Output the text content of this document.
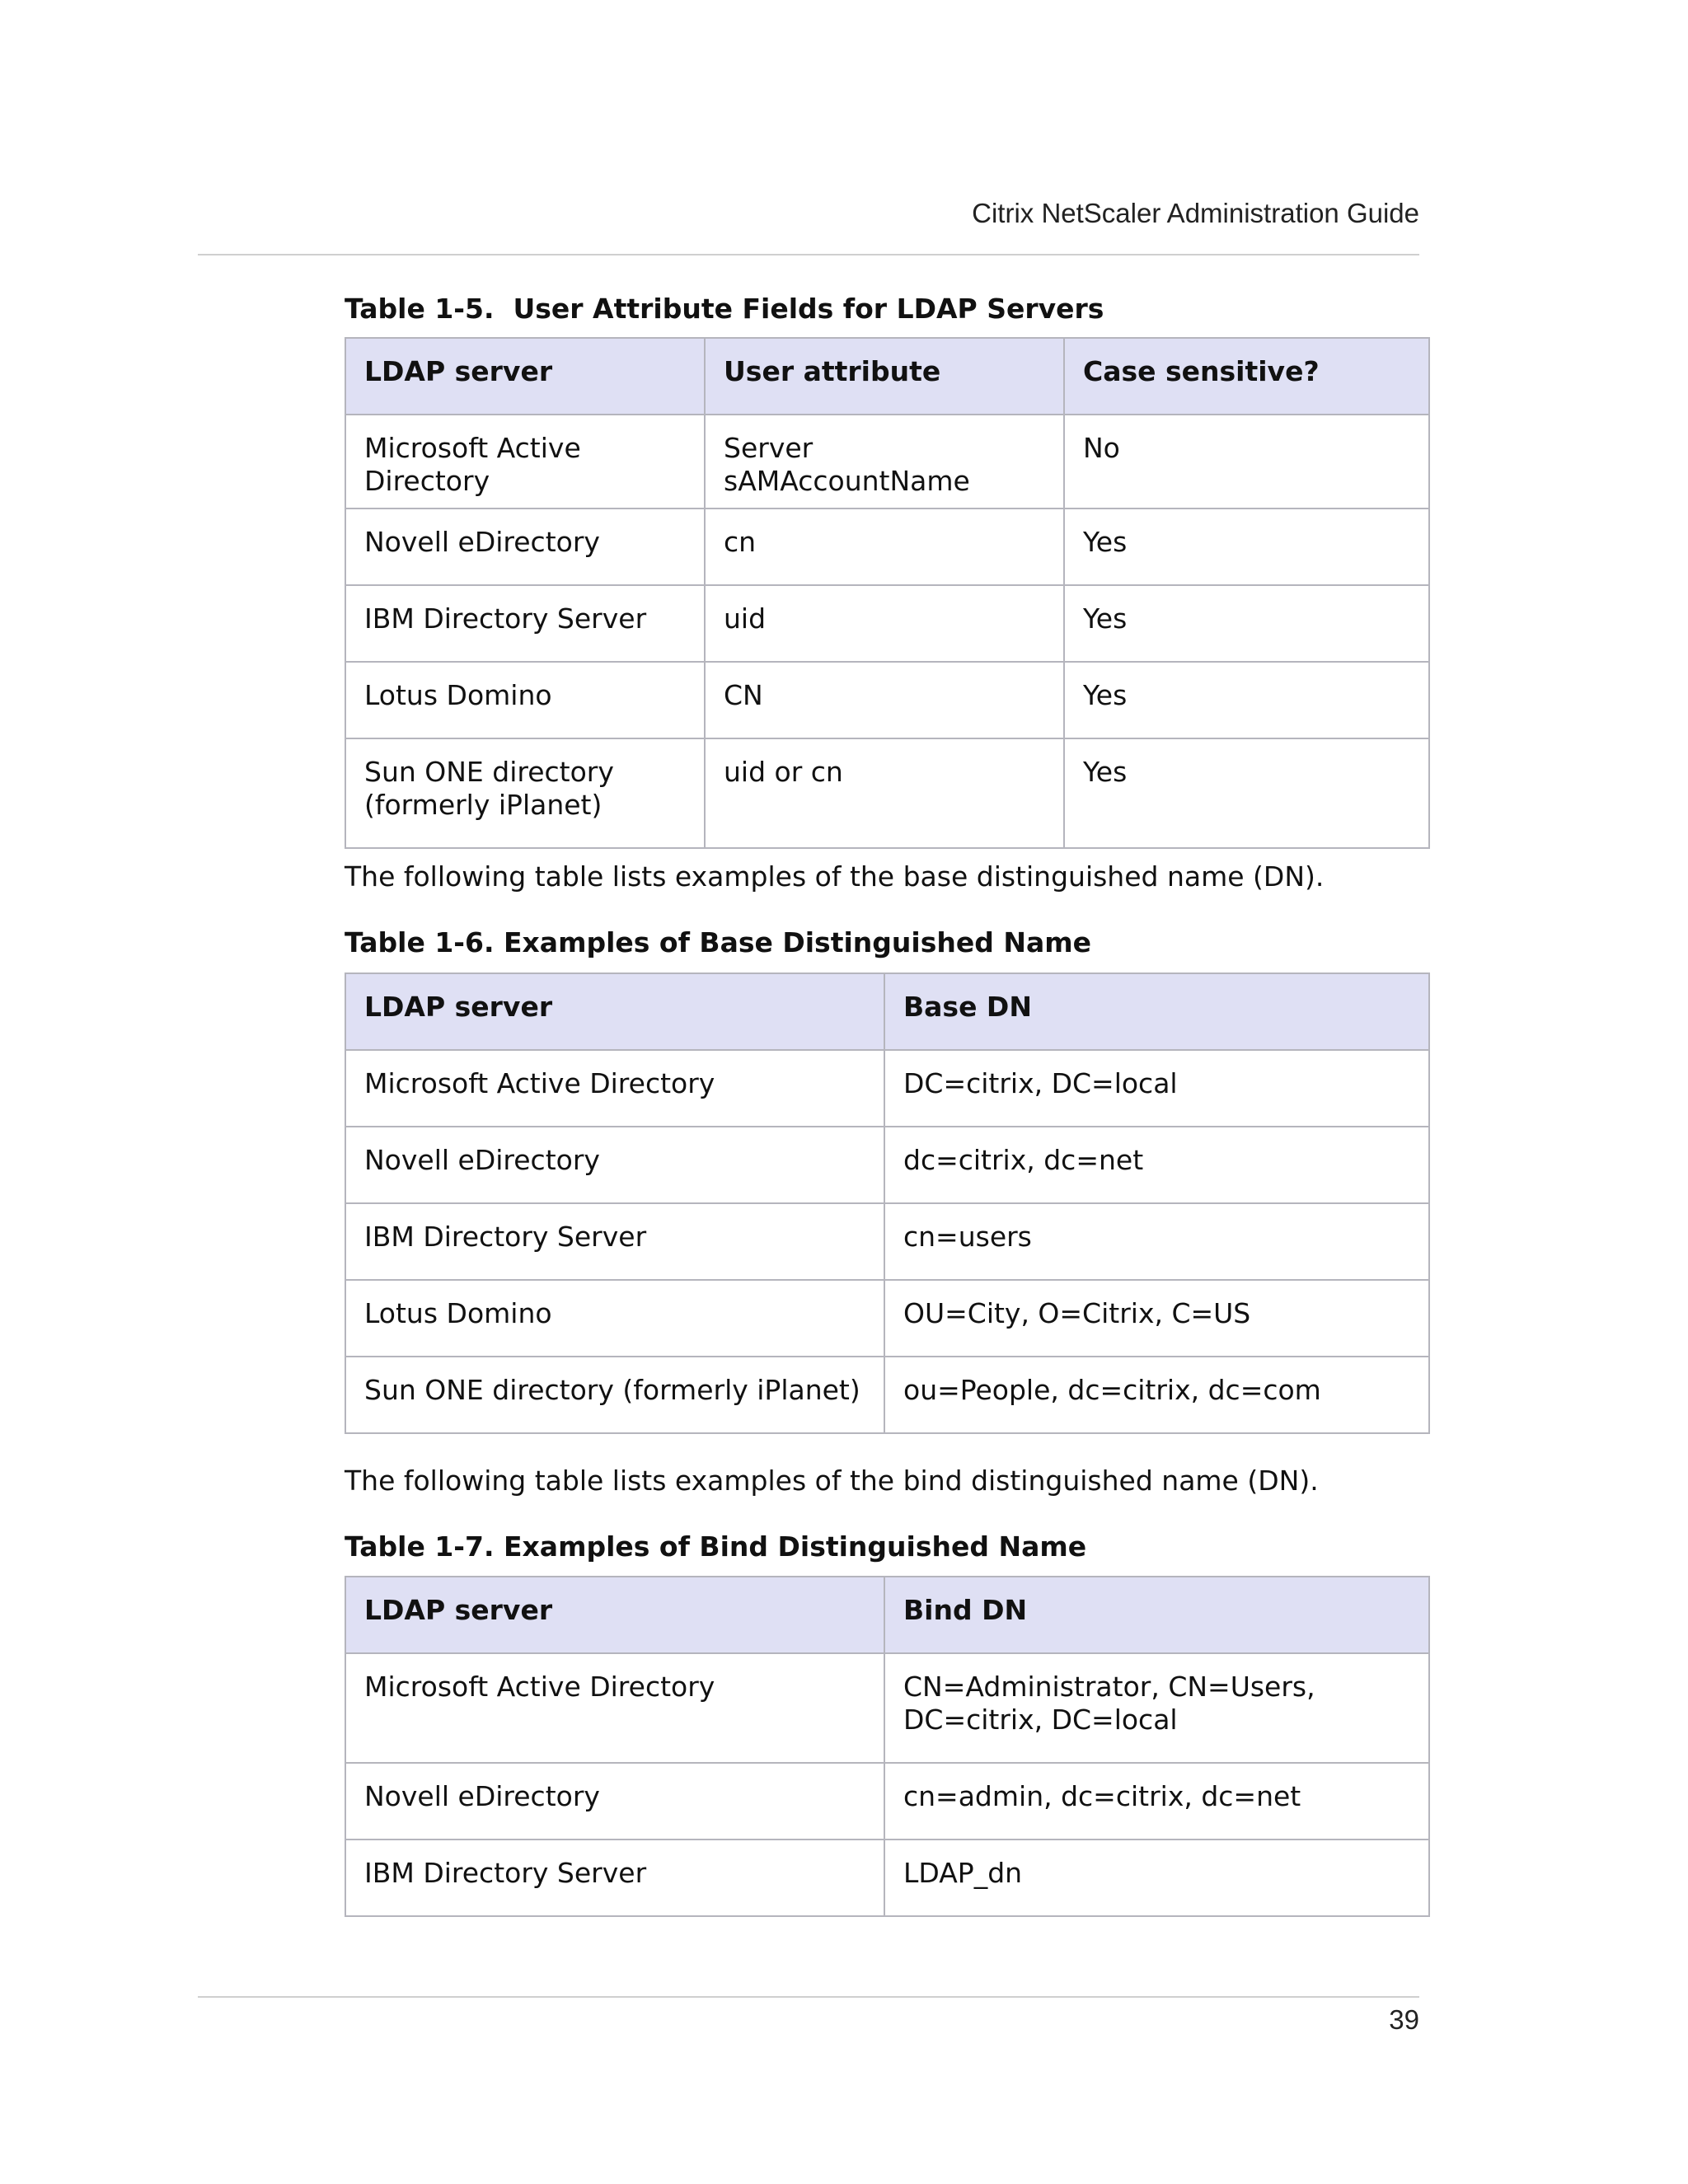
Citrix NetScaler Administration Guide
Table 1-5.  User Attribute Fields for LDAP Servers
LDAP server	User attribute	Case sensitive?
Microsoft Active Directory	Server sAMAccountName	No
Novell eDirectory	cn	Yes
IBM Directory Server	uid	Yes
Lotus Domino	CN	Yes
Sun ONE directory (formerly iPlanet)	uid or cn	Yes
The following table lists examples of the base distinguished name (DN).
Table 1-6. Examples of Base Distinguished Name
LDAP server	Base DN
Microsoft Active Directory	DC=citrix, DC=local
Novell eDirectory	dc=citrix, dc=net
IBM Directory Server	cn=users
Lotus Domino	OU=City, O=Citrix, C=US
Sun ONE directory (formerly iPlanet)	ou=People, dc=citrix, dc=com
The following table lists examples of the bind distinguished name (DN).
Table 1-7. Examples of Bind Distinguished Name
LDAP server	Bind DN
Microsoft Active Directory	CN=Administrator, CN=Users, DC=citrix, DC=local
Novell eDirectory	cn=admin, dc=citrix, dc=net
IBM Directory Server	LDAP_dn
39
